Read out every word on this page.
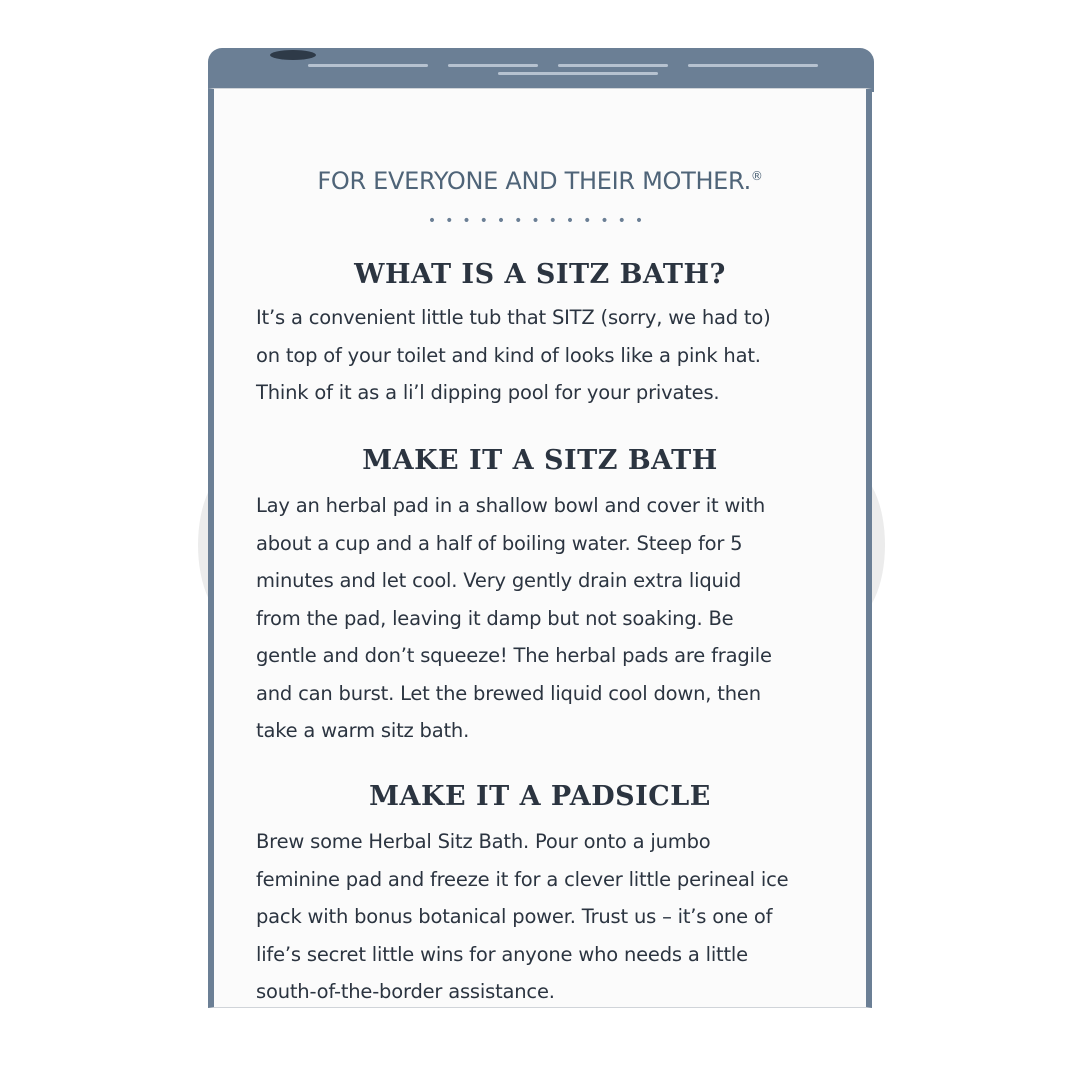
FOR EVERYONE AND THEIR MOTHER.®
•••••••••••••
WHAT IS A SITZ BATH?
It’s a convenient little tub that SITZ (sorry, we had to)
on top of your toilet and kind of looks like a pink hat.
Think of it as a li’l dipping pool for your privates.
MAKE IT A SITZ BATH
Lay an herbal pad in a shallow bowl and cover it with
about a cup and a half of boiling water. Steep for 5
minutes and let cool. Very gently drain extra liquid
from the pad, leaving it damp but not soaking. Be
gentle and don’t squeeze! The herbal pads are fragile
and can burst. Let the brewed liquid cool down, then
take a warm sitz bath.
MAKE IT A PADSICLE
Brew some Herbal Sitz Bath. Pour onto a jumbo
feminine pad and freeze it for a clever little perineal ice
pack with bonus botanical power. Trust us – it’s one of
life’s secret little wins for anyone who needs a little
south-of-the-border assistance.
